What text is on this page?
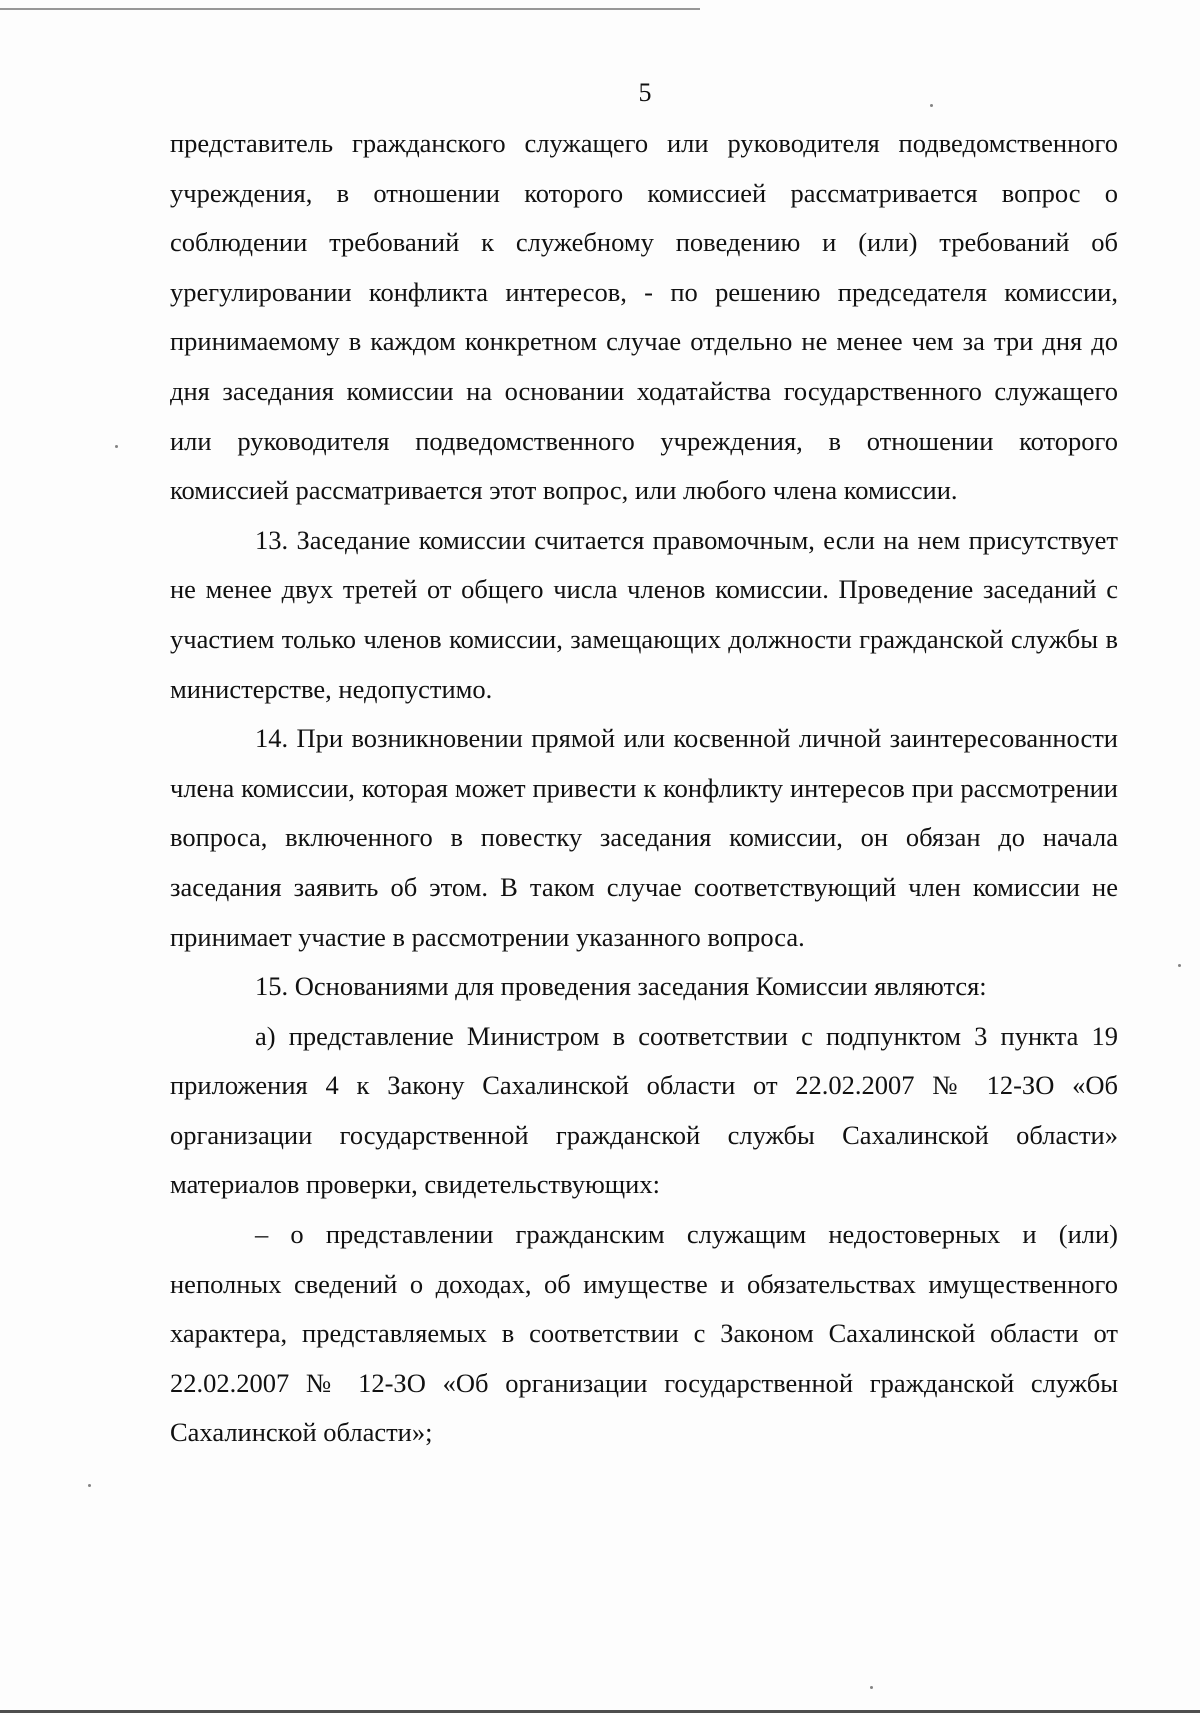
5

представитель гражданского служащего или руководителя подведомственного учреждения, в отношении которого комиссией рассматривается вопрос о соблюдении требований к служебному поведению и (или) требований об урегулировании конфликта интересов, - по решению председателя комиссии, принимаемому в каждом конкретном случае отдельно не менее чем за три дня до дня заседания комиссии на основании ходатайства государственного служащего или руководителя подведомственного учреждения, в отношении которого комиссией рассматривается этот вопрос, или любого члена комиссии.

13. Заседание комиссии считается правомочным, если на нем присутствует не менее двух третей от общего числа членов комиссии. Проведение заседаний с участием только членов комиссии, замещающих должности гражданской службы в министерстве, недопустимо.

14. При возникновении прямой или косвенной личной заинтересованности члена комиссии, которая может привести к конфликту интересов при рассмотрении вопроса, включенного в повестку заседания комиссии, он обязан до начала заседания заявить об этом. В таком случае соответствующий член комиссии не принимает участие в рассмотрении указанного вопроса.

15. Основаниями для проведения заседания Комиссии являются:

а) представление Министром в соответствии с подпунктом 3 пункта 19 приложения 4 к Закону Сахалинской области от 22.02.2007 № 12-ЗО «Об организации государственной гражданской службы Сахалинской области» материалов проверки, свидетельствующих:

– о представлении гражданским служащим недостоверных и (или) неполных сведений о доходах, об имуществе и обязательствах имущественного характера, представляемых в соответствии с Законом Сахалинской области от 22.02.2007 № 12-ЗО «Об организации государственной гражданской службы Сахалинской области»;
